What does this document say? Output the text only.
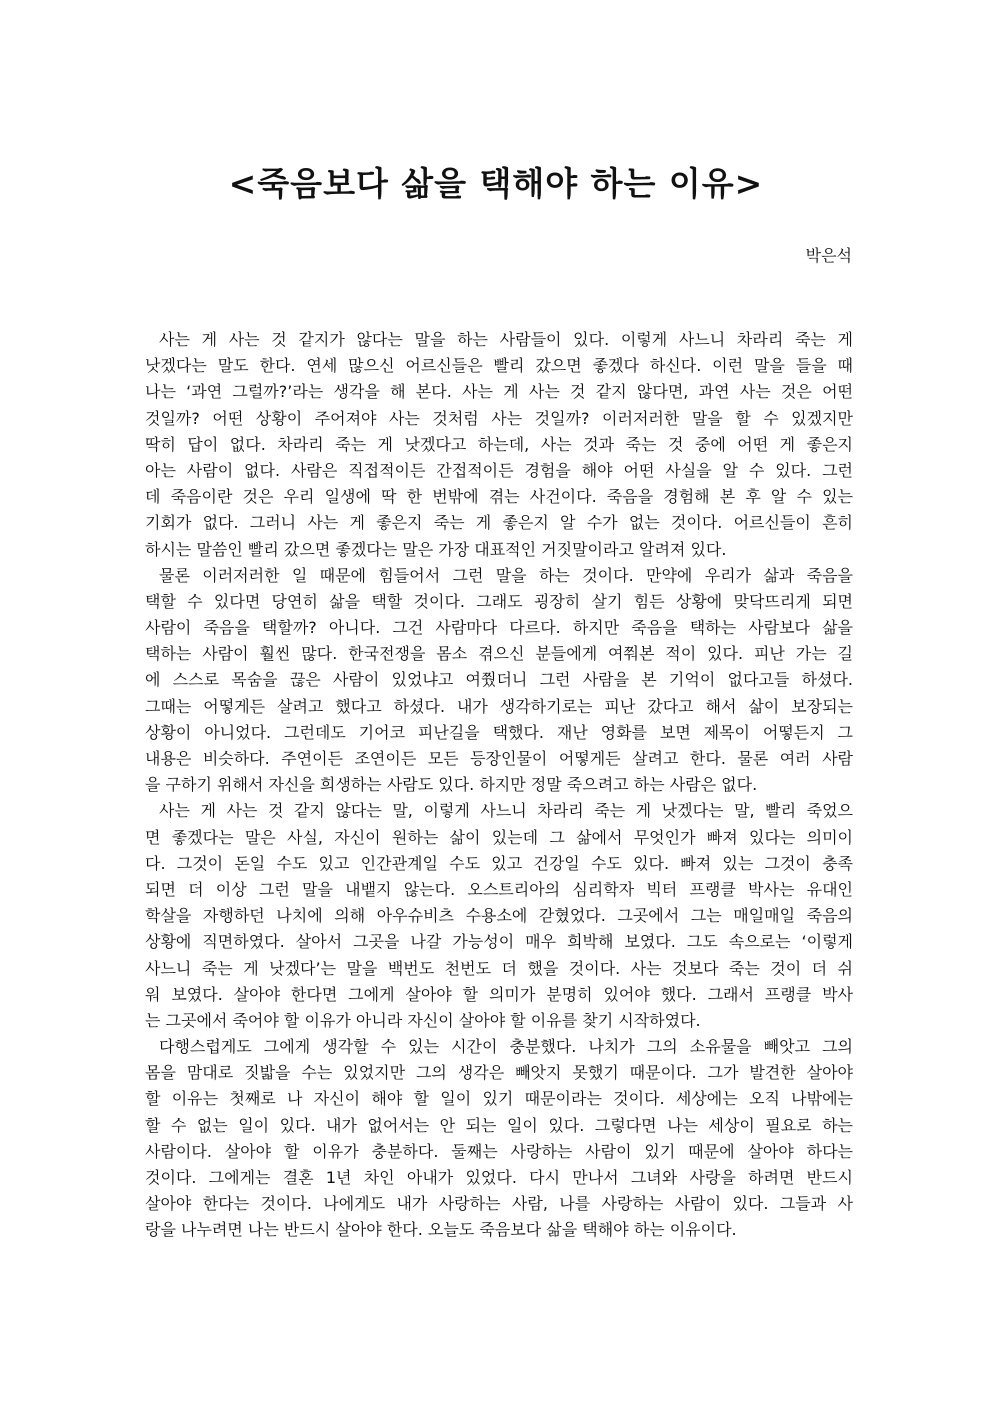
<죽음보다 삶을 택해야 하는 이유>
박은석
사는 게 사는 것 같지가 않다는 말을 하는 사람들이 있다. 이렇게 사느니 차라리 죽는 게
낫겠다는 말도 한다. 연세 많으신 어르신들은 빨리 갔으면 좋겠다 하신다. 이런 말을 들을 때
나는 ‘과연 그럴까?’라는 생각을 해 본다. 사는 게 사는 것 같지 않다면, 과연 사는 것은 어떤
것일까? 어떤 상황이 주어져야 사는 것처럼 사는 것일까? 이러저러한 말을 할 수 있겠지만
딱히 답이 없다. 차라리 죽는 게 낫겠다고 하는데, 사는 것과 죽는 것 중에 어떤 게 좋은지
아는 사람이 없다. 사람은 직접적이든 간접적이든 경험을 해야 어떤 사실을 알 수 있다. 그런
데 죽음이란 것은 우리 일생에 딱 한 번밖에 겪는 사건이다. 죽음을 경험해 본 후 알 수 있는
기회가 없다. 그러니 사는 게 좋은지 죽는 게 좋은지 알 수가 없는 것이다. 어르신들이 흔히
하시는 말씀인 빨리 갔으면 좋겠다는 말은 가장 대표적인 거짓말이라고 알려져 있다.
물론 이러저러한 일 때문에 힘들어서 그런 말을 하는 것이다. 만약에 우리가 삶과 죽음을
택할 수 있다면 당연히 삶을 택할 것이다. 그래도 굉장히 살기 힘든 상황에 맞닥뜨리게 되면
사람이 죽음을 택할까? 아니다. 그건 사람마다 다르다. 하지만 죽음을 택하는 사람보다 삶을
택하는 사람이 훨씬 많다. 한국전쟁을 몸소 겪으신 분들에게 여쭤본 적이 있다. 피난 가는 길
에 스스로 목숨을 끊은 사람이 있었냐고 여쭸더니 그런 사람을 본 기억이 없다고들 하셨다.
그때는 어떻게든 살려고 했다고 하셨다. 내가 생각하기로는 피난 갔다고 해서 삶이 보장되는
상황이 아니었다. 그런데도 기어코 피난길을 택했다. 재난 영화를 보면 제목이 어떻든지 그
내용은 비슷하다. 주연이든 조연이든 모든 등장인물이 어떻게든 살려고 한다. 물론 여러 사람
을 구하기 위해서 자신을 희생하는 사람도 있다. 하지만 정말 죽으려고 하는 사람은 없다.
사는 게 사는 것 같지 않다는 말, 이렇게 사느니 차라리 죽는 게 낫겠다는 말, 빨리 죽었으
면 좋겠다는 말은 사실, 자신이 원하는 삶이 있는데 그 삶에서 무엇인가 빠져 있다는 의미이
다. 그것이 돈일 수도 있고 인간관계일 수도 있고 건강일 수도 있다. 빠져 있는 그것이 충족
되면 더 이상 그런 말을 내뱉지 않는다. 오스트리아의 심리학자 빅터 프랭클 박사는 유대인
학살을 자행하던 나치에 의해 아우슈비츠 수용소에 갇혔었다. 그곳에서 그는 매일매일 죽음의
상황에 직면하였다. 살아서 그곳을 나갈 가능성이 매우 희박해 보였다. 그도 속으로는 ‘이렇게
사느니 죽는 게 낫겠다’는 말을 백번도 천번도 더 했을 것이다. 사는 것보다 죽는 것이 더 쉬
워 보였다. 살아야 한다면 그에게 살아야 할 의미가 분명히 있어야 했다. 그래서 프랭클 박사
는 그곳에서 죽어야 할 이유가 아니라 자신이 살아야 할 이유를 찾기 시작하였다.
다행스럽게도 그에게 생각할 수 있는 시간이 충분했다. 나치가 그의 소유물을 빼앗고 그의
몸을 맘대로 짓밟을 수는 있었지만 그의 생각은 빼앗지 못했기 때문이다. 그가 발견한 살아야
할 이유는 첫째로 나 자신이 해야 할 일이 있기 때문이라는 것이다. 세상에는 오직 나밖에는
할 수 없는 일이 있다. 내가 없어서는 안 되는 일이 있다. 그렇다면 나는 세상이 필요로 하는
사람이다. 살아야 할 이유가 충분하다. 둘째는 사랑하는 사람이 있기 때문에 살아야 하다는
것이다. 그에게는 결혼 1년 차인 아내가 있었다. 다시 만나서 그녀와 사랑을 하려면 반드시
살아야 한다는 것이다. 나에게도 내가 사랑하는 사람, 나를 사랑하는 사람이 있다. 그들과 사
랑을 나누려면 나는 반드시 살아야 한다. 오늘도 죽음보다 삶을 택해야 하는 이유이다.
